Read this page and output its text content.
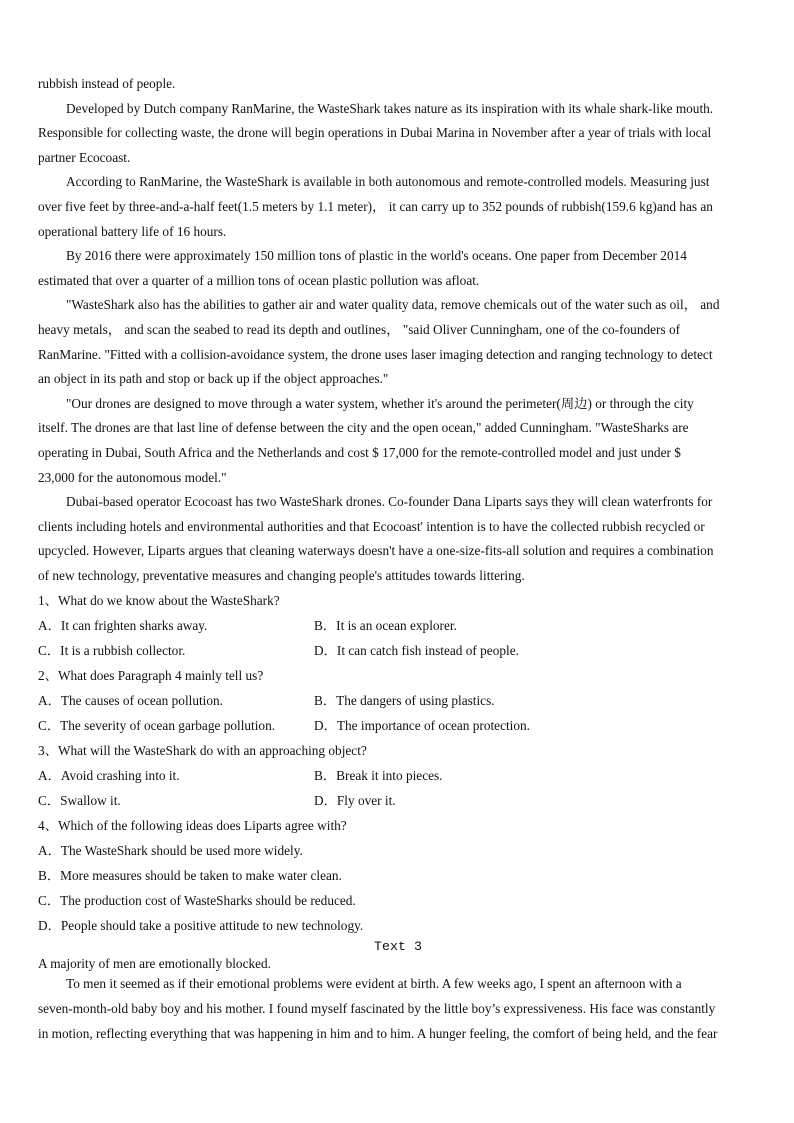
rubbish instead of people.
Developed by Dutch company RanMarine, the WasteShark takes nature as its inspiration with its whale shark-like mouth.
Responsible for collecting waste, the drone will begin operations in Dubai Marina in November after a year of trials with local
partner Ecocoast.
According to RanMarine, the WasteShark is available in both autonomous and remote-controlled models. Measuring just
over five feet by three-and-a-half feet(1.5 meters by 1.1 meter)， it can carry up to 352 pounds of rubbish(159.6 kg)and has an
operational battery life of 16 hours.
By 2016 there were approximately 150 million tons of plastic in the world's oceans. One paper from December 2014
estimated that over a quarter of a million tons of ocean plastic pollution was afloat.
"WasteShark also has the abilities to gather air and water quality data, remove chemicals out of the water such as oil， and
heavy metals， and scan the seabed to read its depth and outlines， "said Oliver Cunningham, one of the co-founders of
RanMarine. "Fitted with a collision-avoidance system, the drone uses laser imaging detection and ranging technology to detect
an object in its path and stop or back up if the object approaches."
"Our drones are designed to move through a water system, whether it's around the perimeter(周边) or through the city
itself. The drones are that last line of defense between the city and the open ocean," added Cunningham. "WasteSharks are
operating in Dubai, South Africa and the Netherlands and cost $ 17,000 for the remote-controlled model and just under $
23,000 for the autonomous model."
Dubai-based operator Ecocoast has two WasteShark drones. Co-founder Dana Liparts says they will clean waterfronts for
clients including hotels and environmental authorities and that Ecocoast' intention is to have the collected rubbish recycled or
upcycled. However, Liparts argues that cleaning waterways doesn't have a one-size-fits-all solution and requires a combination
of new technology, preventative measures and changing people's attitudes towards littering.
1、What do we know about the WasteShark?
A．It can frighten sharks away.	B．It is an ocean explorer.
C．It is a rubbish collector.	D．It can catch fish instead of people.
2、What does Paragraph 4 mainly tell us?
A．The causes of ocean pollution.	B．The dangers of using plastics.
C．The severity of ocean garbage pollution.	D．The importance of ocean protection.
3、What will the WasteShark do with an approaching object?
A．Avoid crashing into it.	B．Break it into pieces.
C．Swallow it.	D．Fly over it.
4、Which of the following ideas does Liparts agree with?
A．The WasteShark should be used more widely.
B．More measures should be taken to make water clean.
C．The production cost of WasteSharks should be reduced.
D．People should take a positive attitude to new technology.
Text 3
A majority of men are emotionally blocked.
To men it seemed as if their emotional problems were evident at birth. A few weeks ago, I spent an afternoon with a
seven-month-old baby boy and his mother. I found myself fascinated by the little boy’s expressiveness. His face was constantly
in motion, reflecting everything that was happening in him and to him. A hunger feeling, the comfort of being held, and the fear
